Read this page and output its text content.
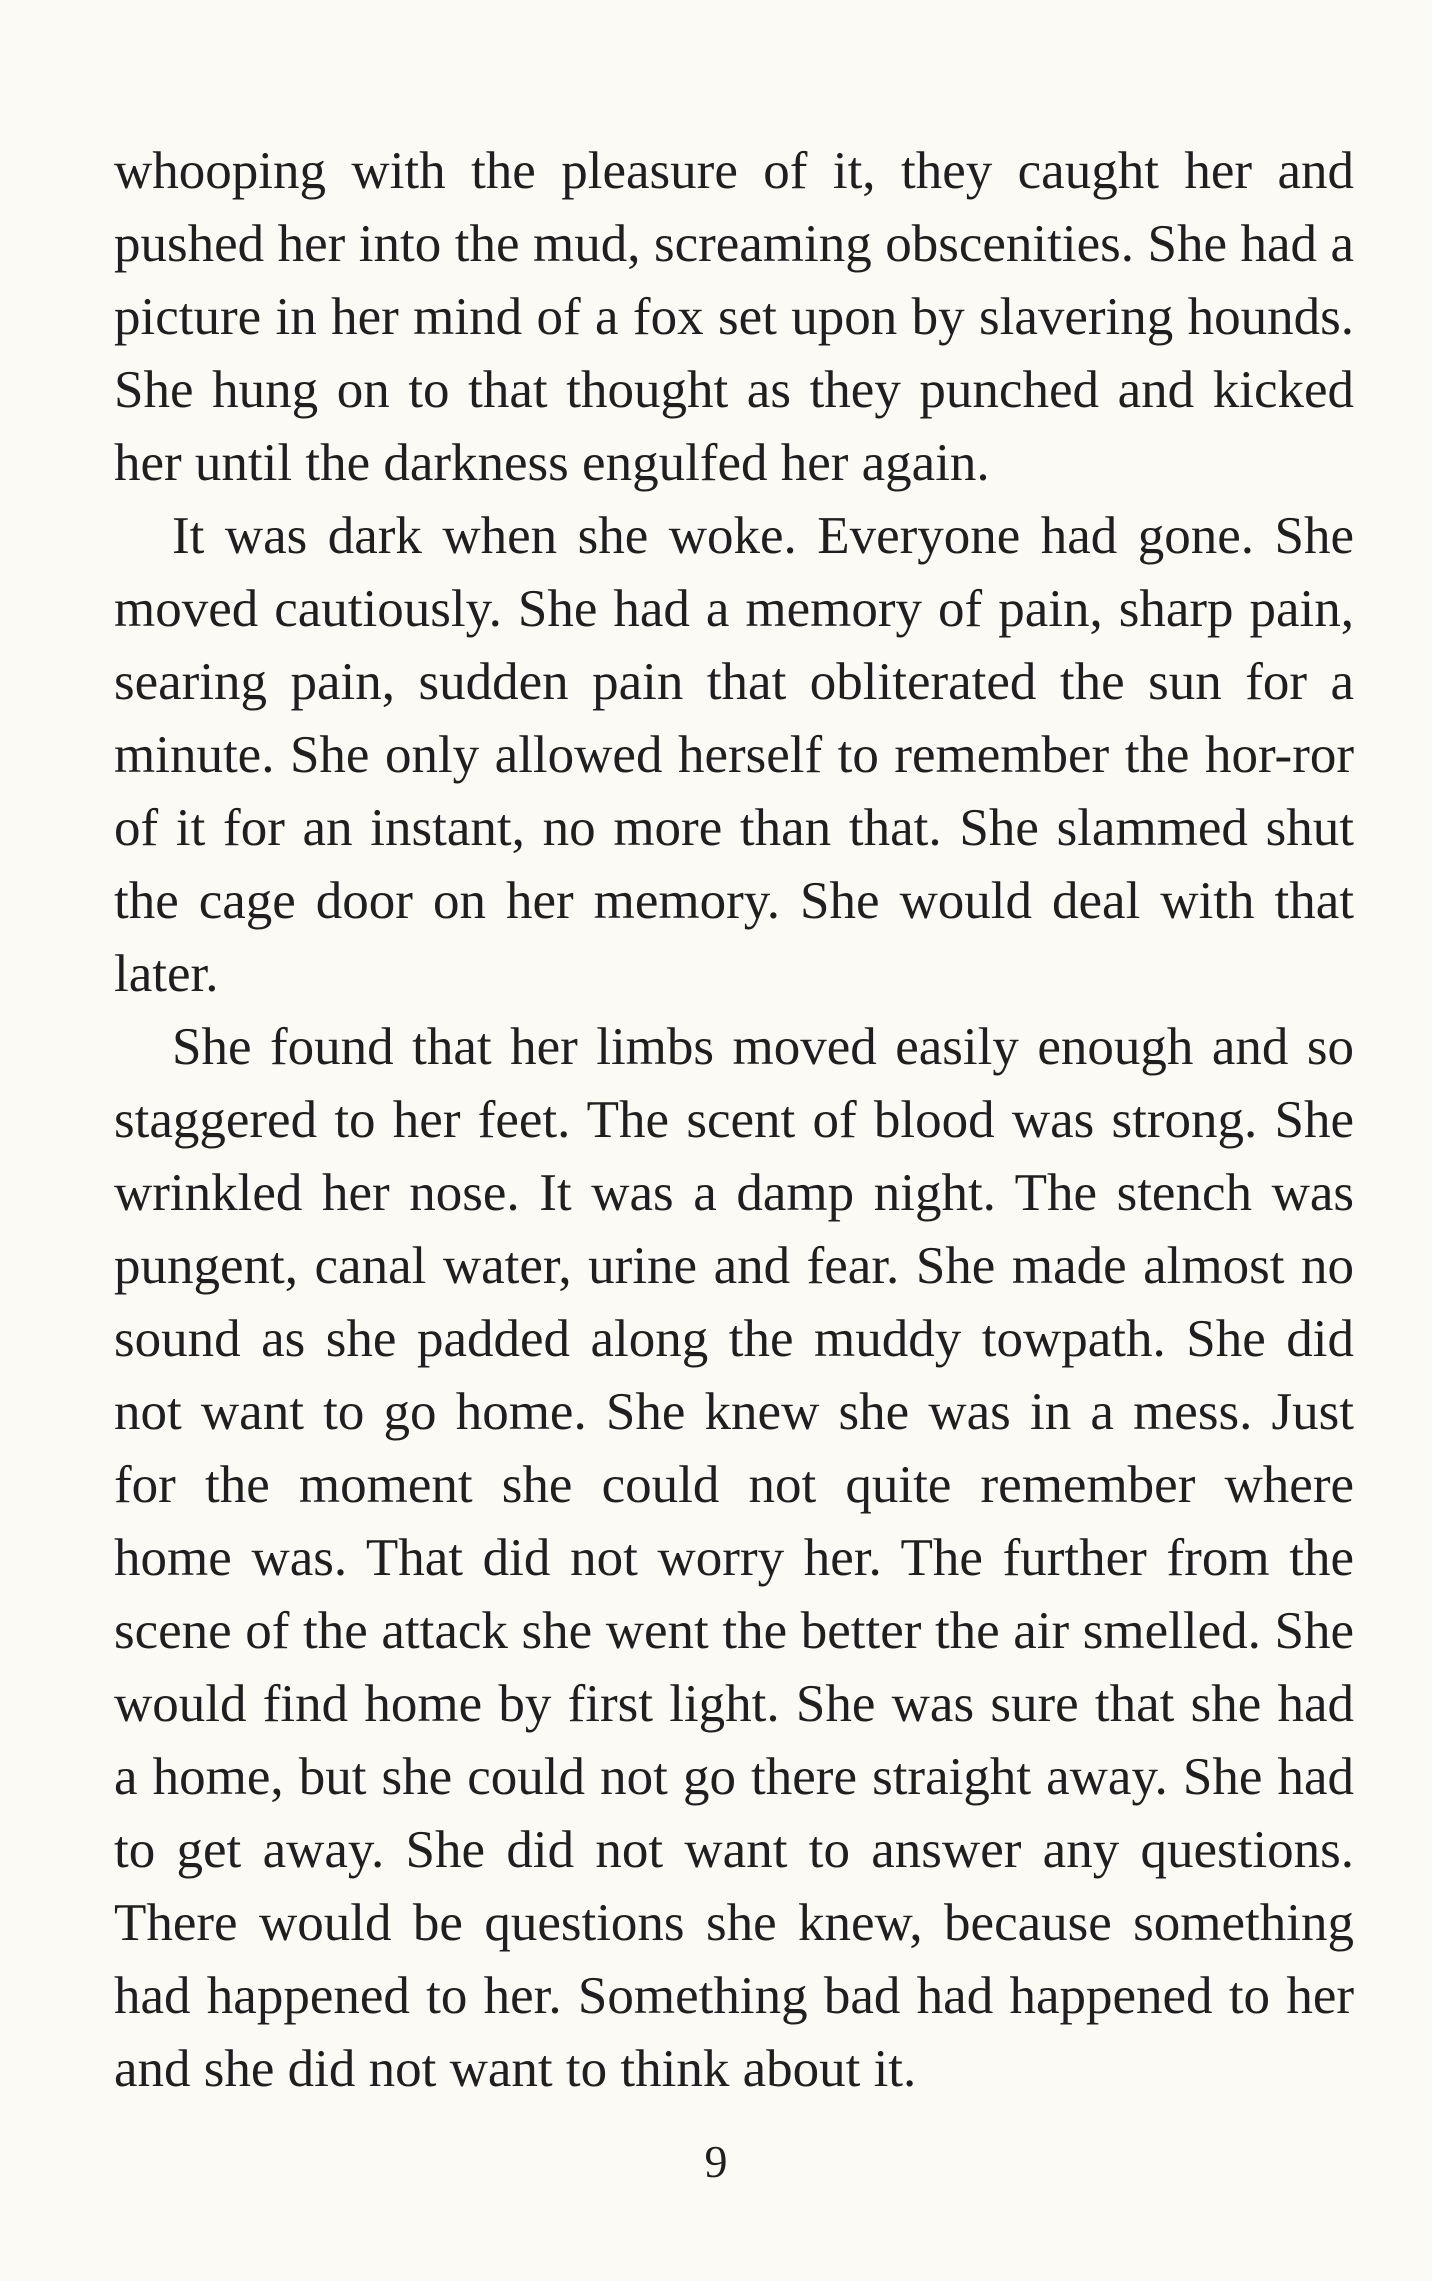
whooping with the pleasure of it, they caught her and pushed her into the mud, screaming obscenities. She had a picture in her mind of a fox set upon by slavering hounds. She hung on to that thought as they punched and kicked her until the darkness engulfed her again.

It was dark when she woke. Everyone had gone. She moved cautiously. She had a memory of pain, sharp pain, searing pain, sudden pain that obliterated the sun for a minute. She only allowed herself to remember the hor-ror of it for an instant, no more than that. She slammed shut the cage door on her memory. She would deal with that later.

She found that her limbs moved easily enough and so staggered to her feet. The scent of blood was strong. She wrinkled her nose. It was a damp night. The stench was pungent, canal water, urine and fear. She made almost no sound as she padded along the muddy towpath. She did not want to go home. She knew she was in a mess. Just for the moment she could not quite remember where home was. That did not worry her. The further from the scene of the attack she went the better the air smelled. She would find home by first light. She was sure that she had a home, but she could not go there straight away. She had to get away. She did not want to answer any questions. There would be questions she knew, because something had happened to her. Something bad had happened to her and she did not want to think about it.

9
